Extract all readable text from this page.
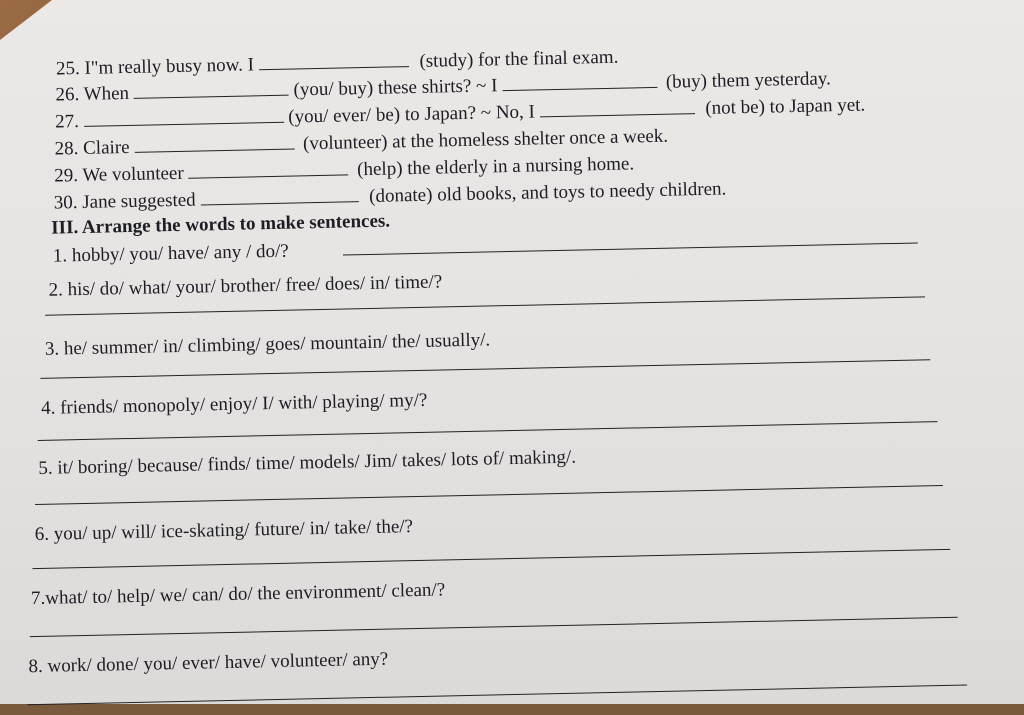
25. I"m really busy now. I	(study) for the final exam.
26. When	(you/ buy) these shirts? ~ I	(buy) them yesterday.
27.	(you/ ever/ be) to Japan? ~ No, I	(not be) to Japan yet.
28. Claire	(volunteer) at the homeless shelter once a week.
29. We volunteer	(help) the elderly in a nursing home.
30. Jane suggested	(donate) old books, and toys to needy children.
III. Arrange the words to make sentences.
1. hobby/ you/ have/ any / do/?
2. his/ do/ what/ your/ brother/ free/ does/ in/ time/?
3. he/ summer/ in/ climbing/ goes/ mountain/ the/ usually/.
4. friends/ monopoly/ enjoy/ I/ with/ playing/ my/?
5. it/ boring/ because/ finds/ time/ models/ Jim/ takes/ lots of/ making/.
6. you/ up/ will/ ice-skating/ future/ in/ take/ the/?
7.what/ to/ help/ we/ can/ do/ the environment/ clean/?
8. work/ done/ you/ ever/ have/ volunteer/ any?
